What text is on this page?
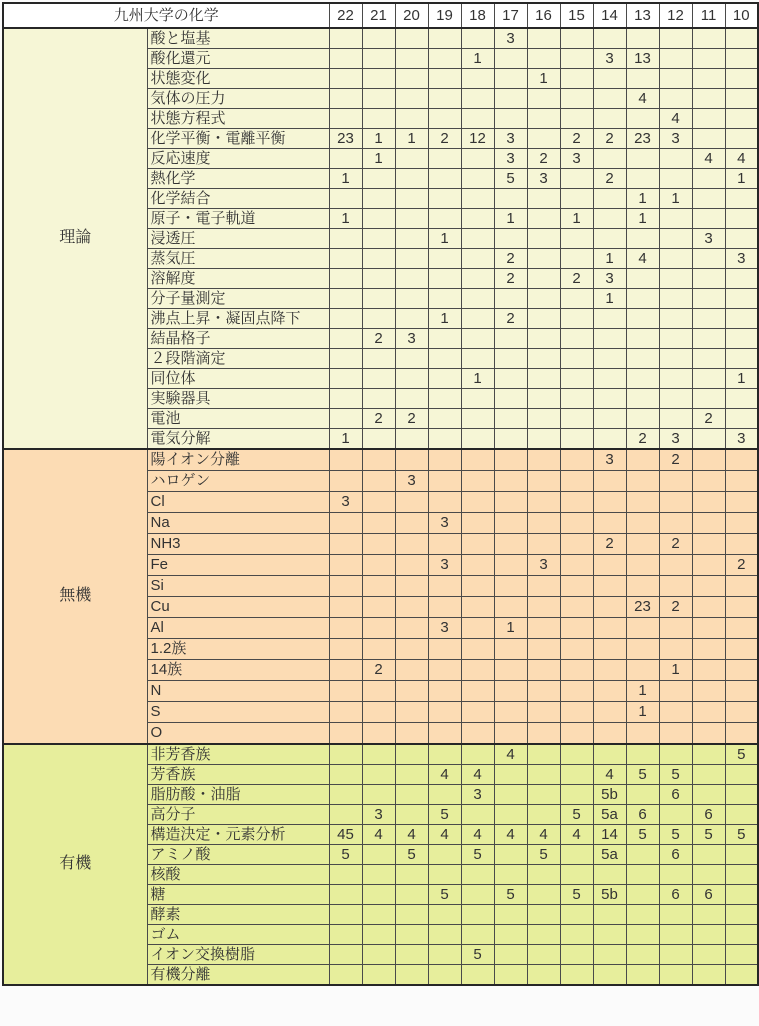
九州大学の化学		22	21	20	19	18	17	16	15	14	13	12	11	10
理論	酸と塩基						3							
	酸化還元					1				3	13			
	状態変化							1						
	気体の圧力										4			
	状態方程式											4		
	化学平衡・電離平衡	23	1	1	2	12	3		2	2	23	3		
	反応速度		1				3	2	3				4	4
	熱化学	1					5	3		2				1
	化学結合										1	1		
	原子・電子軌道	1					1		1		1			
	浸透圧				1								3	
	蒸気圧						2			1	4			3
	溶解度						2		2	3				
	分子量測定									1				
	沸点上昇・凝固点降下				1		2							
	結晶格子		2	3										
	２段階滴定													
	同位体					1								1
	実験器具													
	電池		2	2									2	
	電気分解	1									2	3		3
無機	陽イオン分離									3		2		
	ハロゲン			3										
	Cl	3												
	Na				3									
	NH3									2		2		
	Fe				3			3						2
	Si													
	Cu										23	2		
	Al				3		1							
	1.2族													
	14族		2									1		
	N										1			
	S										1			
	O													
有機	非芳香族						4							5
	芳香族				4	4				4	5	5		
	脂肪酸・油脂					3				5b		6		
	高分子		3		5				5	5a	6		6	
	構造決定・元素分析	45	4	4	4	4	4	4	4	14	5	5	5	5
	アミノ酸	5		5		5		5		5a		6		
	核酸													
	糖				5		5		5	5b		6	6	
	酵素													
	ゴム													
	イオン交換樹脂					5								
	有機分離													
